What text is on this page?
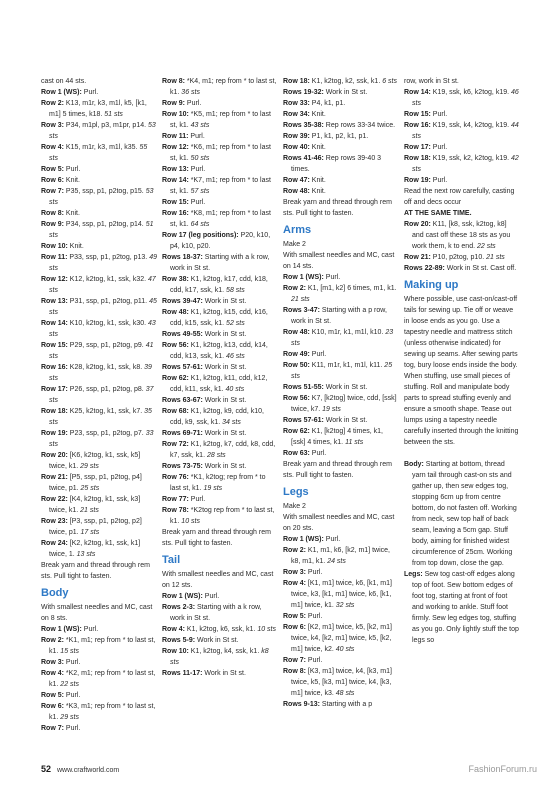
cast on 44 sts.

Row 1 (WS): Purl.

Row 2: K13, m1r, k3, m1l, k5, [k1, m1] 5 times, k18. 51 sts

Row 3: P34, m1pl, p3, m1pr, p14. 53 sts

Row 4: K15, m1r, k3, m1l, k35. 55 sts

Row 5: Purl.

Row 6: Knit.

Row 7: P35, ssp, p1, p2tog, p15. 53 sts

Row 8: Knit.

Row 9: P34, ssp, p1, p2tog, p14. 51 sts

Row 10: Knit.

Row 11: P33, ssp, p1, p2tog, p13. 49 sts

Row 12: K12, k2tog, k1, ssk, k32. 47 sts

Row 13: P31, ssp, p1, p2tog, p11. 45 sts

Row 14: K10, k2tog, k1, ssk, k30. 43 sts

Row 15: P29, ssp, p1, p2tog, p9. 41 sts

Row 16: K28, k2tog, k1, ssk, k8. 39 sts

Row 17: P26, ssp, p1, p2tog, p8. 37 sts

Row 18: K25, k2tog, k1, ssk, k7. 35 sts

Row 19: P23, ssp, p1, p2tog, p7. 33 sts

Row 20: [K6, k2tog, k1, ssk, k5] twice, k1. 29 sts

Row 21: [P5, ssp, p1, p2tog, p4] twice, p1. 25 sts

Row 22: [K4, k2tog, k1, ssk, k3] twice, k1. 21 sts

Row 23: [P3, ssp, p1, p2tog, p2] twice, p1. 17 sts

Row 24: [K2, k2tog, k1, ssk, k1] twice, 1. 13 sts

Break yarn and thread through rem sts. Pull tight to fasten.

Body

With smallest needles and MC, cast on 8 sts.

Row 1 (WS): Purl.

Row 2: *K1, m1; rep from * to last st, k1. 15 sts

Row 3: Purl.

Row 4: *K2, m1; rep from * to last st, k1. 22 sts

Row 5: Purl.

Row 6: *K3, m1; rep from * to last st, k1. 29 sts

Row 7: Purl.

Row 8: *K4, m1; rep from * to last st, k1. 36 sts

Row 9: Purl.

Row 10: *K5, m1; rep from * to last st, k1. 43 sts

Row 11: Purl.

Row 12: *K6, m1; rep from * to last st, k1. 50 sts

Row 13: Purl.

Row 14: *K7, m1; rep from * to last st, k1. 57 sts

Row 15: Purl.

Row 16: *K8, m1; rep from * to last st, k1. 64 sts

Row 17 (leg positions): P20, k10, p4, k10, p20.

Rows 18-37: Starting with a k row, work in St st.

Row 38: K1, k2tog, k17, cdd, k18, cdd, k17, ssk, k1. 58 sts

Rows 39-47: Work in St st.

Row 48: K1, k2tog, k15, cdd, k16, cdd, k15, ssk, k1. 52 sts

Rows 49-55: Work in St st.

Row 56: K1, k2tog, k13, cdd, k14, cdd, k13, ssk, k1. 46 sts

Rows 57-61: Work in St st.

Row 62: K1, k2tog, k11, cdd, k12, cdd, k11, ssk, k1. 40 sts

Rows 63-67: Work in St st.

Row 68: K1, k2tog, k9, cdd, k10, cdd, k9, ssk, k1. 34 sts

Rows 69-71: Work in St st.

Row 72: K1, k2tog, k7, cdd, k8, cdd, k7, ssk, k1. 28 sts

Rows 73-75: Work in St st.

Row 76: *K1, k2tog; rep from * to last st, k1. 19 sts

Row 77: Purl.

Row 78: *K2tog rep from * to last st, k1. 10 sts

Break yarn and thread through rem sts. Pull tight to fasten.

Tail

With smallest needles and MC, cast on 12 sts.

Row 1 (WS): Purl.

Rows 2-3: Starting with a k row, work in St st.

Row 4: K1, k2tog, k6, ssk, k1. 10 sts

Rows 5-9: Work in St st.

Row 10: K1, k2tog, k4, ssk, k1. k8 sts

Rows 11-17: Work in St st.

Row 18: K1, k2tog, k2, ssk, k1. 6 sts

Rows 19-32: Work in St st.

Row 33: P4, k1, p1.

Row 34: Knit.

Rows 35-38: Rep rows 33-34 twice.

Row 39: P1, k1, p2, k1, p1.

Row 40: Knit.

Rows 41-46: Rep rows 39-40 3 times.

Row 47: Knit.

Row 48: Knit.

Break yarn and thread through rem sts. Pull tight to fasten.

Arms

Make 2

With smallest needles and MC, cast on 14 sts.

Row 1 (WS): Purl.

Row 2: K1, [m1, k2] 6 times, m1, k1. 21 sts

Rows 3-47: Starting with a p row, work in St st.

Row 48: K10, m1r, k1, m1l, k10. 23 sts

Row 49: Purl.

Row 50: K11, m1r, k1, m1l, k11. 25 sts

Rows 51-55: Work in St st.

Row 56: K7, [k2tog] twice, cdd, [ssk] twice, k7. 19 sts

Rows 57-61: Work in St st.

Row 62: K1, [k2tog] 4 times, k1, [ssk] 4 times, k1. 11 sts

Row 63: Purl.

Break yarn and thread through rem sts. Pull tight to fasten.

Legs

Make 2

With smallest needles and MC, cast on 20 sts.

Row 1 (WS): Purl.

Row 2: K1, m1, k6, [k2, m1] twice, k8, m1, k1. 24 sts

Row 3: Purl.

Row 4: [K1, m1] twice, k6, [k1, m1] twice, k3, [k1, m1] twice, k6, [k1, m1] twice, k1. 32 sts

Row 5: Purl.

Row 6: [K2, m1] twice, k5, [k2, m1] twice, k4, [k2, m1] twice, k5, [k2, m1] twice, k2. 40 sts

Row 7: Purl.

Row 8: [K3, m1] twice, k4, [k3, m1] twice, k5, [k3, m1] twice, k4, [k3, m1] twice, k3. 48 sts

Rows 9-13: Starting with a p

row, work in St st.

Row 14: K19, ssk, k6, k2tog, k19. 46 sts

Row 15: Purl.

Row 16: K19, ssk, k4, k2tog, k19. 44 sts

Row 17: Purl.

Row 18: K19, ssk, k2, k2tog, k19. 42 sts

Row 19: Purl.

Read the next row carefully, casting off and decs occur

AT THE SAME TIME.

Row 20: K11, [k8, ssk, k2tog, k8] and cast off these 18 sts as you work them, k to end. 22 sts

Row 21: P10, p2tog, p10. 21 sts

Rows 22-89: Work in St st. Cast off.

Making up

Where possible, use cast-on/cast-off tails for sewing up. Tie off or weave in loose ends as you go. Use a tapestry needle and mattress stitch (unless otherwise indicated) for sewing up seams. After sewing parts tog, bury loose ends inside the body. When stuffing, use small pieces of stuffing. Roll and manipulate body parts to spread stuffing evenly and ensure a smooth shape. Tease out lumps using a tapestry needle carefully inserted through the knitting between the sts.

Body: Starting at bottom, thread yarn tail through cast-on sts and gather up, then sew edges tog, stopping 6cm up from centre bottom, do not fasten off. Working from neck, sew top half of back seam, leaving a 5cm gap. Stuff body, aiming for finished widest circumference of 25cm. Working from top down, close the gap.

Legs: Sew tog cast-off edges along top of foot. Sew bottom edges of foot tog, starting at front of foot and working to ankle. Stuff foot firmly. Sew leg edges tog, stuffing as you go. Only lightly stuff the top legs so

52 www.craftworld.com	FashionForum.ru
